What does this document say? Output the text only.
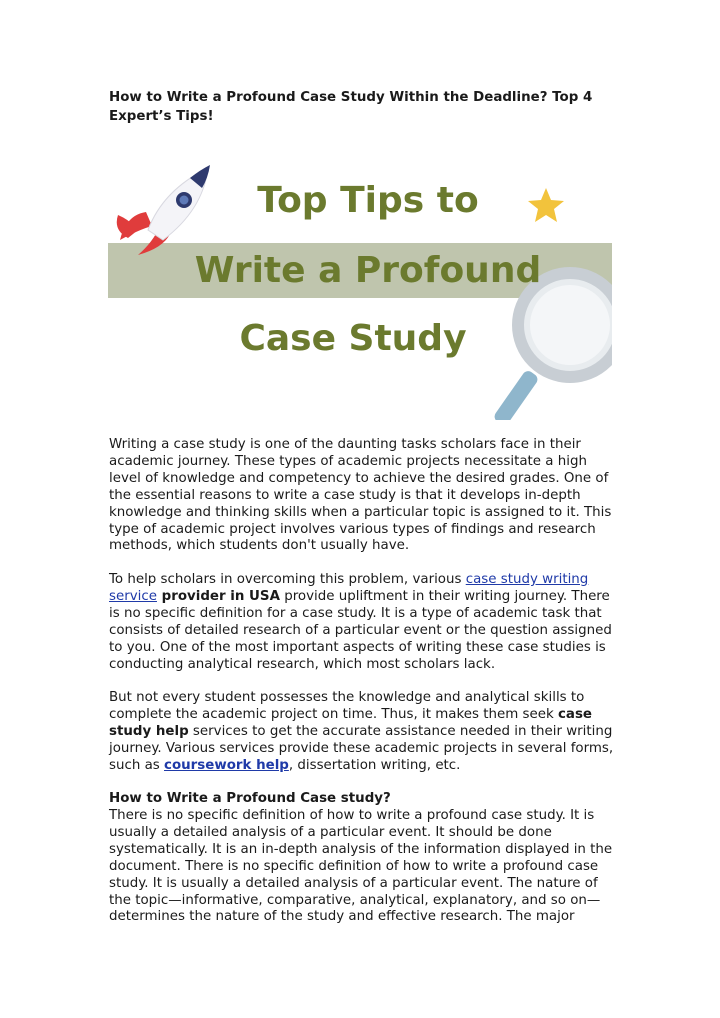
How to Write a Profound Case Study Within the Deadline? Top 4 Expert’s Tips!
Top Tips to
Write a Profound
Case Study

Writing a case study is one of the daunting tasks scholars face in their academic journey. These types of academic projects necessitate a high level of knowledge and competency to achieve the desired grades. One of the essential reasons to write a case study is that it develops in-depth knowledge and thinking skills when a particular topic is assigned to it. This type of academic project involves various types of findings and research methods, which students don't usually have.

To help scholars in overcoming this problem, various case study writing service provider in USA provide upliftment in their writing journey. There is no specific definition for a case study. It is a type of academic task that consists of detailed research of a particular event or the question assigned to you. One of the most important aspects of writing these case studies is conducting analytical research, which most scholars lack.

But not every student possesses the knowledge and analytical skills to complete the academic project on time. Thus, it makes them seek case study help services to get the accurate assistance needed in their writing journey. Various services provide these academic projects in several forms, such as coursework help, dissertation writing, etc.

How to Write a Profound Case study?

There is no specific definition of how to write a profound case study. It is usually a detailed analysis of a particular event. It should be done systematically. It is an in-depth analysis of the information displayed in the document. There is no specific definition of how to write a profound case study. It is usually a detailed analysis of a particular event. The nature of the topic—informative, comparative, analytical, explanatory, and so on—determines the nature of the study and effective research. The major
